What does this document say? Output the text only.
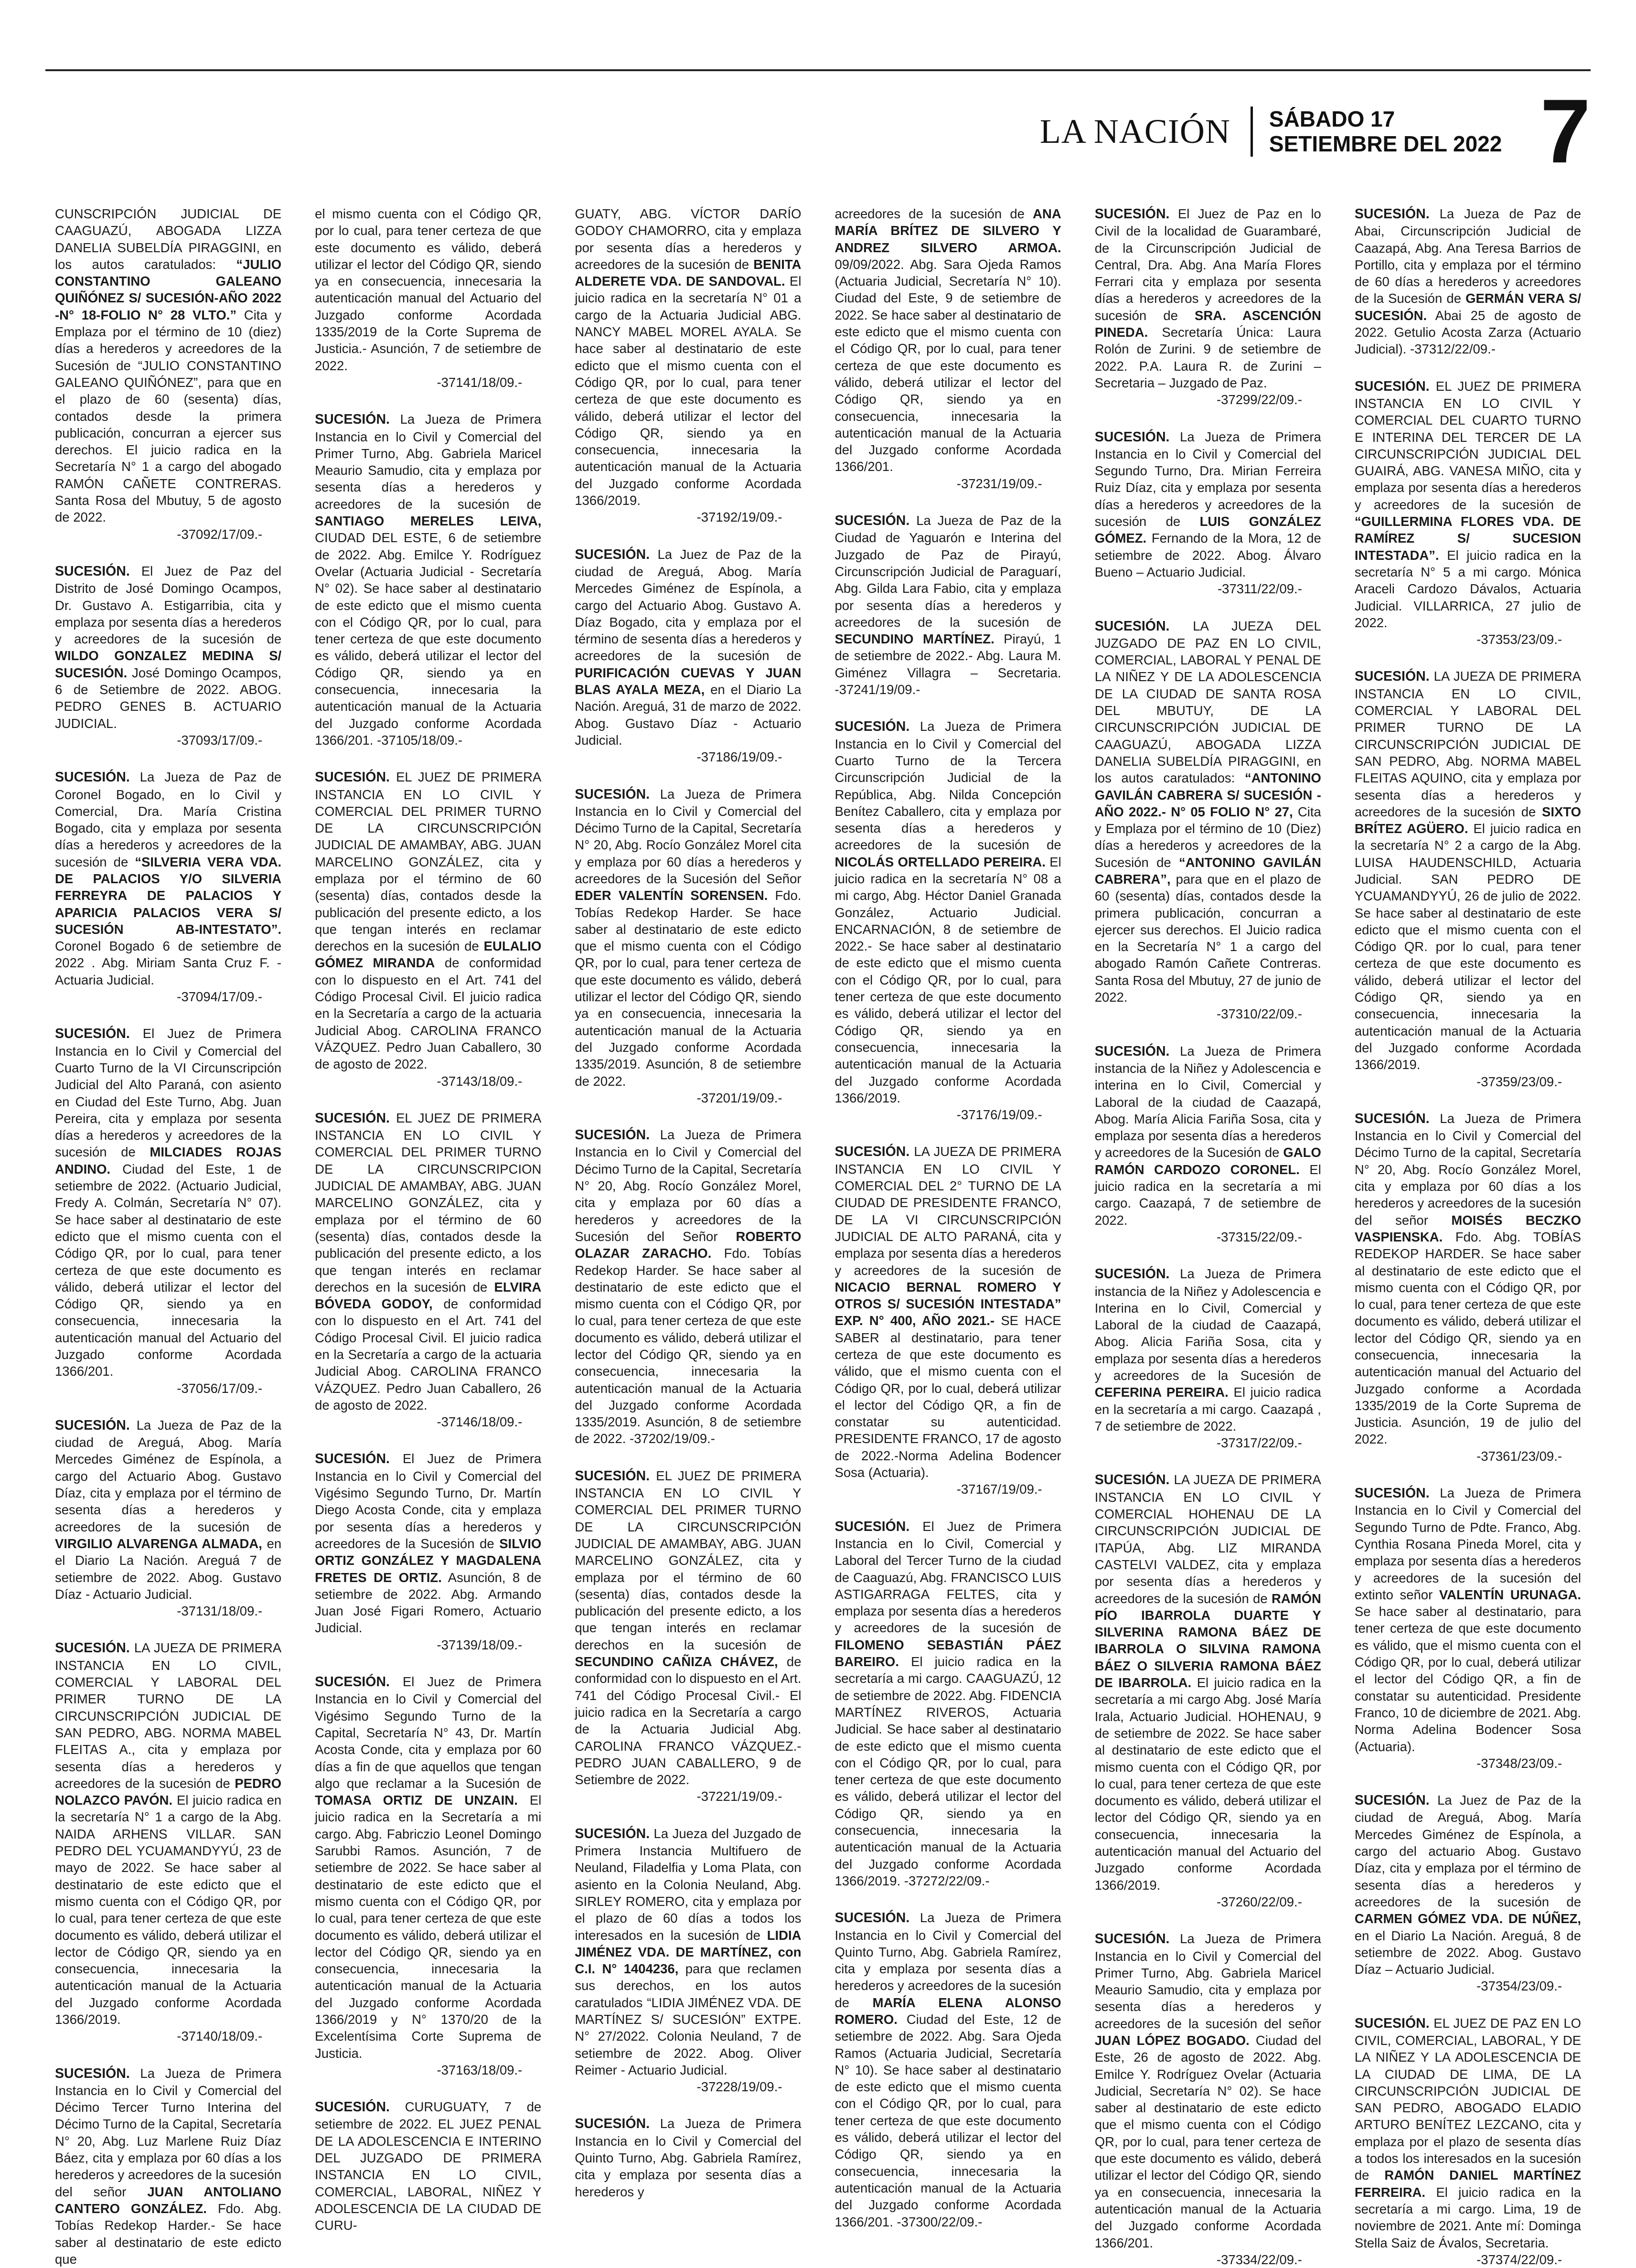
LA NACIÓN SÁBADO 17
SETIEMBRE DEL 2022 7
CUNSCRIPCIÓN JUDICIAL DE CAAGUAZÚ, ABOGADA LIZZA DANELIA SUBELDÍA PIRAGGINI, en los autos caratulados: “JULIO CONSTANTINO GALEANO QUIÑÓNEZ S/ SUCESIÓN-AÑO 2022 -N° 18-FOLIO N° 28 VLTO.” Cita y Emplaza por el término de 10 (diez) días a herederos y acreedores de la Sucesión de “JULIO CONSTANTINO GALEANO QUIÑÓNEZ”, para que en el plazo de 60 (sesenta) días, contados desde la primera publicación, concurran a ejercer sus derechos. El juicio radica en la Secretaría N° 1 a cargo del abogado RAMÓN CAÑETE CONTRERAS. Santa Rosa del Mbutuy, 5 de agosto de 2022.
-37092/17/09.-
SUCESIÓN. El Juez de Paz del Distrito de José Domingo Ocampos, Dr. Gustavo A. Estigarribia, cita y emplaza por sesenta días a herederos y acreedores de la sucesión de WILDO GONZALEZ MEDINA S/ SUCESIÓN. José Domingo Ocampos, 6 de Setiembre de 2022. ABOG. PEDRO GENES B. ACTUARIO JUDICIAL.
-37093/17/09.-
SUCESIÓN. La Jueza de Paz de Coronel Bogado, en lo Civil y Comercial, Dra. María Cristina Bogado, cita y emplaza por sesenta días a herederos y acreedores de la sucesión de “SILVERIA VERA VDA. DE PALACIOS Y/O SILVERIA FERREYRA DE PALACIOS Y APARICIA PALACIOS VERA S/ SUCESIÓN AB-INTESTATO”. Coronel Bogado 6 de setiembre de 2022 . Abg. Miriam Santa Cruz F. - Actuaria Judicial.
-37094/17/09.-
SUCESIÓN. El Juez de Primera Instancia en lo Civil y Comercial del Cuarto Turno de la VI Circunscripción Judicial del Alto Paraná, con asiento en Ciudad del Este Turno, Abg. Juan Pereira, cita y emplaza por sesenta días a herederos y acreedores de la sucesión de MILCIADES ROJAS ANDINO. Ciudad del Este, 1 de setiembre de 2022. (Actuario Judicial, Fredy A. Colmán, Secretaría N° 07). Se hace saber al destinatario de este edicto que el mismo cuenta con el Código QR, por lo cual, para tener certeza de que este documento es válido, deberá utilizar el lector del Código QR, siendo ya en consecuencia, innecesaria la autenticación manual del Actuario del Juzgado conforme Acordada 1366/201.
-37056/17/09.-
SUCESIÓN. La Jueza de Paz de la ciudad de Areguá, Abog. María Mercedes Giménez de Espínola, a cargo del Actuario Abog. Gustavo Díaz, cita y emplaza por el término de sesenta días a herederos y acreedores de la sucesión de VIRGILIO ALVARENGA ALMADA, en el Diario La Nación. Areguá 7 de setiembre de 2022. Abog. Gustavo Díaz - Actuario Judicial.
-37131/18/09.-
SUCESIÓN. LA JUEZA DE PRIMERA INSTANCIA EN LO CIVIL, COMERCIAL Y LABORAL DEL PRIMER TURNO DE LA CIRCUNSCRIPCIÓN JUDICIAL DE SAN PEDRO, ABG. NORMA MABEL FLEITAS A., cita y emplaza por sesenta días a herederos y acreedores de la sucesión de PEDRO NOLAZCO PAVÓN. El juicio radica en la secretaría N° 1 a cargo de la Abg. NAIDA ARHENS VILLAR. SAN PEDRO DEL YCUAMANDYYÚ, 23 de mayo de 2022. Se hace saber al destinatario de este edicto que el mismo cuenta con el Código QR, por lo cual, para tener certeza de que este documento es válido, deberá utilizar el lector de Código QR, siendo ya en consecuencia, innecesaria la autenticación manual de la Actuaria del Juzgado conforme Acordada 1366/2019.
-37140/18/09.-
SUCESIÓN. La Jueza de Primera Instancia en lo Civil y Comercial del Décimo Tercer Turno Interina del Décimo Turno de la Capital, Secretaría N° 20, Abg. Luz Marlene Ruiz Díaz Báez, cita y emplaza por 60 días a los herederos y acreedores de la sucesión del señor JUAN ANTOLIANO CANTERO GONZÁLEZ. Fdo. Abg. Tobías Redekop Harder.- Se hace saber al destinatario de este edicto que
el mismo cuenta con el Código QR, por lo cual, para tener certeza de que este documento es válido, deberá utilizar el lector del Código QR, siendo ya en consecuencia, innecesaria la autenticación manual del Actuario del Juzgado conforme Acordada 1335/2019 de la Corte Suprema de Justicia.- Asunción, 7 de setiembre de 2022.
-37141/18/09.-
SUCESIÓN. La Jueza de Primera Instancia en lo Civil y Comercial del Primer Turno, Abg. Gabriela Maricel Meaurio Samudio, cita y emplaza por sesenta días a herederos y acreedores de la sucesión de SANTIAGO MERELES LEIVA, CIUDAD DEL ESTE, 6 de setiembre de 2022. Abg. Emilce Y. Rodríguez Ovelar (Actuaria Judicial - Secretaría N° 02). Se hace saber al destinatario de este edicto que el mismo cuenta con el Código QR, por lo cual, para tener certeza de que este documento es válido, deberá utilizar el lector del Código QR, siendo ya en consecuencia, innecesaria la autenticación manual de la Actuaria del Juzgado conforme Acordada 1366/201. -37105/18/09.-
SUCESIÓN. EL JUEZ DE PRIMERA INSTANCIA EN LO CIVIL Y COMERCIAL DEL PRIMER TURNO DE LA CIRCUNSCRIPCIÓN JUDICIAL DE AMAMBAY, ABG. JUAN MARCELINO GONZÁLEZ, cita y emplaza por el término de 60 (sesenta) días, contados desde la publicación del presente edicto, a los que tengan interés en reclamar derechos en la sucesión de EULALIO GÓMEZ MIRANDA de conformidad con lo dispuesto en el Art. 741 del Código Procesal Civil. El juicio radica en la Secretaría a cargo de la actuaria Judicial Abog. CAROLINA FRANCO VÁZQUEZ. Pedro Juan Caballero, 30 de agosto de 2022.
-37143/18/09.-
SUCESIÓN. EL JUEZ DE PRIMERA INSTANCIA EN LO CIVIL Y COMERCIAL DEL PRIMER TURNO DE LA CIRCUNSCRIPCION JUDICIAL DE AMAMBAY, ABG. JUAN MARCELINO GONZÁLEZ, cita y emplaza por el término de 60 (sesenta) días, contados desde la publicación del presente edicto, a los que tengan interés en reclamar derechos en la sucesión de ELVIRA BÓVEDA GODOY, de conformidad con lo dispuesto en el Art. 741 del Código Procesal Civil. El juicio radica en la Secretaría a cargo de la actuaria Judicial Abog. CAROLINA FRANCO VÁZQUEZ. Pedro Juan Caballero, 26 de agosto de 2022.
-37146/18/09.-
SUCESIÓN. El Juez de Primera Instancia en lo Civil y Comercial del Vigésimo Segundo Turno, Dr. Martín Diego Acosta Conde, cita y emplaza por sesenta días a herederos y acreedores de la Sucesión de SILVIO ORTIZ GONZÁLEZ Y MAGDALENA FRETES DE ORTIZ. Asunción, 8 de setiembre de 2022. Abg. Armando Juan José Figari Romero, Actuario Judicial.
-37139/18/09.-
SUCESIÓN. El Juez de Primera Instancia en lo Civil y Comercial del Vigésimo Segundo Turno de la Capital, Secretaría N° 43, Dr. Martín Acosta Conde, cita y emplaza por 60 días a fin de que aquellos que tengan algo que reclamar a la Sucesión de TOMASA ORTIZ DE UNZAIN. El juicio radica en la Secretaría a mi cargo. Abg. Fabriczio Leonel Domingo Sarubbi Ramos. Asunción, 7 de setiembre de 2022. Se hace saber al destinatario de este edicto que el mismo cuenta con el Código QR, por lo cual, para tener certeza de que este documento es válido, deberá utilizar el lector del Código QR, siendo ya en consecuencia, innecesaria la autenticación manual de la Actuaria del Juzgado conforme Acordada 1366/2019 y N° 1370/20 de la Excelentísima Corte Suprema de Justicia.
-37163/18/09.-
SUCESIÓN. CURUGUATY, 7 de setiembre de 2022. EL JUEZ PENAL DE LA ADOLESCENCIA E INTERINO DEL JUZGADO DE PRIMERA INSTANCIA EN LO CIVIL, COMERCIAL, LABORAL, NIÑEZ Y ADOLESCENCIA DE LA CIUDAD DE CURU-
GUATY, ABG. VÍCTOR DARÍO GODOY CHAMORRO, cita y emplaza por sesenta días a herederos y acreedores de la sucesión de BENITA ALDERETE VDA. DE SANDOVAL. El juicio radica en la secretaría N° 01 a cargo de la Actuaria Judicial ABG. NANCY MABEL MOREL AYALA. Se hace saber al destinatario de este edicto que el mismo cuenta con el Código QR, por lo cual, para tener certeza de que este documento es válido, deberá utilizar el lector del Código QR, siendo ya en consecuencia, innecesaria la autenticación manual de la Actuaria del Juzgado conforme Acordada 1366/2019.
-37192/19/09.-
SUCESIÓN. La Juez de Paz de la ciudad de Areguá, Abog. María Mercedes Giménez de Espínola, a cargo del Actuario Abog. Gustavo A. Díaz Bogado, cita y emplaza por el término de sesenta días a herederos y acreedores de la sucesión de PURIFICACIÓN CUEVAS Y JUAN BLAS AYALA MEZA, en el Diario La Nación. Areguá, 31 de marzo de 2022. Abog. Gustavo Díaz - Actuario Judicial.
-37186/19/09.-
SUCESIÓN. La Jueza de Primera Instancia en lo Civil y Comercial del Décimo Turno de la Capital, Secretaría N° 20, Abg. Rocío González Morel cita y emplaza por 60 días a herederos y acreedores de la Sucesión del Señor EDER VALENTÍN SORENSEN. Fdo. Tobías Redekop Harder. Se hace saber al destinatario de este edicto que el mismo cuenta con el Código QR, por lo cual, para tener certeza de que este documento es válido, deberá utilizar el lector del Código QR, siendo ya en consecuencia, innecesaria la autenticación manual de la Actuaria del Juzgado conforme Acordada 1335/2019. Asunción, 8 de setiembre de 2022.
-37201/19/09.-
SUCESIÓN. La Jueza de Primera Instancia en lo Civil y Comercial del Décimo Turno de la Capital, Secretaría N° 20, Abg. Rocío González Morel, cita y emplaza por 60 días a herederos y acreedores de la Sucesión del Señor ROBERTO OLAZAR ZARACHO. Fdo. Tobías Redekop Harder. Se hace saber al destinatario de este edicto que el mismo cuenta con el Código QR, por lo cual, para tener certeza de que este documento es válido, deberá utilizar el lector del Código QR, siendo ya en consecuencia, innecesaria la autenticación manual de la Actuaria del Juzgado conforme Acordada 1335/2019. Asunción, 8 de setiembre de 2022. -37202/19/09.-
SUCESIÓN. EL JUEZ DE PRIMERA INSTANCIA EN LO CIVIL Y COMERCIAL DEL PRIMER TURNO DE LA CIRCUNSCRIPCIÓN JUDICIAL DE AMAMBAY, ABG. JUAN MARCELINO GONZÁLEZ, cita y emplaza por el término de 60 (sesenta) días, contados desde la publicación del presente edicto, a los que tengan interés en reclamar derechos en la sucesión de SECUNDINO CAÑIZA CHÁVEZ, de conformidad con lo dispuesto en el Art. 741 del Código Procesal Civil.- El juicio radica en la Secretaría a cargo de la Actuaria Judicial Abg. CAROLINA FRANCO VÁZQUEZ.- PEDRO JUAN CABALLERO, 9 de Setiembre de 2022.
-37221/19/09.-
SUCESIÓN. La Jueza del Juzgado de Primera Instancia Multifuero de Neuland, Filadelfia y Loma Plata, con asiento en la Colonia Neuland, Abg. SIRLEY ROMERO, cita y emplaza por el plazo de 60 días a todos los interesados en la sucesión de LIDIA JIMÉNEZ VDA. DE MARTÍNEZ, con C.I. N° 1404236, para que reclamen sus derechos, en los autos caratulados “LIDIA JIMÉNEZ VDA. DE MARTÍNEZ S/ SUCESIÓN” EXTPE. N° 27/2022. Colonia Neuland, 7 de setiembre de 2022. Abog. Oliver Reimer - Actuario Judicial.
-37228/19/09.-
SUCESIÓN. La Jueza de Primera Instancia en lo Civil y Comercial del Quinto Turno, Abg. Gabriela Ramírez, cita y emplaza por sesenta días a herederos y
acreedores de la sucesión de ANA MARÍA BRÍTEZ DE SILVERO Y ANDREZ SILVERO ARMOA. 09/09/2022. Abg. Sara Ojeda Ramos (Actuaria Judicial, Secretaría N° 10). Ciudad del Este, 9 de setiembre de 2022. Se hace saber al destinatario de este edicto que el mismo cuenta con el Código QR, por lo cual, para tener certeza de que este documento es válido, deberá utilizar el lector del Código QR, siendo ya en consecuencia, innecesaria la autenticación manual de la Actuaria del Juzgado conforme Acordada 1366/201.
-37231/19/09.-
SUCESIÓN. La Jueza de Paz de la Ciudad de Yaguarón e Interina del Juzgado de Paz de Pirayú, Circunscripción Judicial de Paraguarí, Abg. Gilda Lara Fabio, cita y emplaza por sesenta días a herederos y acreedores de la sucesión de SECUNDINO MARTÍNEZ. Pirayú, 1 de setiembre de 2022.- Abg. Laura M. Giménez Villagra – Secretaria. -37241/19/09.-
SUCESIÓN. La Jueza de Primera Instancia en lo Civil y Comercial del Cuarto Turno de la Tercera Circunscripción Judicial de la República, Abg. Nilda Concepción Benítez Caballero, cita y emplaza por sesenta días a herederos y acreedores de la sucesión de NICOLÁS ORTELLADO PEREIRA. El juicio radica en la secretaría N° 08 a mi cargo, Abg. Héctor Daniel Granada González, Actuario Judicial. ENCARNACIÓN, 8 de setiembre de 2022.- Se hace saber al destinatario de este edicto que el mismo cuenta con el Código QR, por lo cual, para tener certeza de que este documento es válido, deberá utilizar el lector del Código QR, siendo ya en consecuencia, innecesaria la autenticación manual de la Actuaria del Juzgado conforme Acordada 1366/2019.
-37176/19/09.-
SUCESIÓN. LA JUEZA DE PRIMERA INSTANCIA EN LO CIVIL Y COMERCIAL DEL 2° TURNO DE LA CIUDAD DE PRESIDENTE FRANCO, DE LA VI CIRCUNSCRIPCIÓN JUDICIAL DE ALTO PARANÁ, cita y emplaza por sesenta días a herederos y acreedores de la sucesión de NICACIO BERNAL ROMERO Y OTROS S/ SUCESIÓN INTESTADA” EXP. N° 400, AÑO 2021.- SE HACE SABER al destinatario, para tener certeza de que este documento es válido, que el mismo cuenta con el Código QR, por lo cual, deberá utilizar el lector del Código QR, a fin de constatar su autenticidad. PRESIDENTE FRANCO, 17 de agosto de 2022.-Norma Adelina Bodencer Sosa (Actuaria).
-37167/19/09.-
SUCESIÓN. El Juez de Primera Instancia en lo Civil, Comercial y Laboral del Tercer Turno de la ciudad de Caaguazú, Abg. FRANCISCO LUIS ASTIGARRAGA FELTES, cita y emplaza por sesenta días a herederos y acreedores de la sucesión de FILOMENO SEBASTIÁN PÁEZ BAREIRO. El juicio radica en la secretaría a mi cargo. CAAGUAZÚ, 12 de setiembre de 2022. Abg. FIDENCIA MARTÍNEZ RIVEROS, Actuaria Judicial. Se hace saber al destinatario de este edicto que el mismo cuenta con el Código QR, por lo cual, para tener certeza de que este documento es válido, deberá utilizar el lector del Código QR, siendo ya en consecuencia, innecesaria la autenticación manual de la Actuaria del Juzgado conforme Acordada 1366/2019. -37272/22/09.-
SUCESIÓN. La Jueza de Primera Instancia en lo Civil y Comercial del Quinto Turno, Abg. Gabriela Ramírez, cita y emplaza por sesenta días a herederos y acreedores de la sucesión de MARÍA ELENA ALONSO ROMERO. Ciudad del Este, 12 de setiembre de 2022. Abg. Sara Ojeda Ramos (Actuaria Judicial, Secretaría N° 10). Se hace saber al destinatario de este edicto que el mismo cuenta con el Código QR, por lo cual, para tener certeza de que este documento es válido, deberá utilizar el lector del Código QR, siendo ya en consecuencia, innecesaria la autenticación manual de la Actuaria del Juzgado conforme Acordada 1366/201. -37300/22/09.-
SUCESIÓN. El Juez de Paz en lo Civil de la localidad de Guarambaré, de la Circunscripción Judicial de Central, Dra. Abg. Ana María Flores Ferrari cita y emplaza por sesenta días a herederos y acreedores de la sucesión de SRA. ASCENCIÓN PINEDA. Secretaría Única: Laura Rolón de Zurini. 9 de setiembre de 2022. P.A. Laura R. de Zurini – Secretaria – Juzgado de Paz.
-37299/22/09.-
SUCESIÓN. La Jueza de Primera Instancia en lo Civil y Comercial del Segundo Turno, Dra. Mirian Ferreira Ruiz Díaz, cita y emplaza por sesenta días a herederos y acreedores de la sucesión de LUIS GONZÁLEZ GÓMEZ. Fernando de la Mora, 12 de setiembre de 2022. Abog. Álvaro Bueno – Actuario Judicial.
-37311/22/09.-
SUCESIÓN. LA JUEZA DEL JUZGADO DE PAZ EN LO CIVIL, COMERCIAL, LABORAL Y PENAL DE LA NIÑEZ Y DE LA ADOLESCENCIA DE LA CIUDAD DE SANTA ROSA DEL MBUTUY, DE LA CIRCUNSCRIPCIÓN JUDICIAL DE CAAGUAZÚ, ABOGADA LIZZA DANELIA SUBELDÍA PIRAGGINI, en los autos caratulados: “ANTONINO GAVILÁN CABRERA S/ SUCESIÓN - AÑO 2022.- N° 05 FOLIO N° 27, Cita y Emplaza por el término de 10 (Diez) días a herederos y acreedores de la Sucesión de “ANTONINO GAVILÁN CABRERA”, para que en el plazo de 60 (sesenta) días, contados desde la primera publicación, concurran a ejercer sus derechos. El Juicio radica en la Secretaría N° 1 a cargo del abogado Ramón Cañete Contreras. Santa Rosa del Mbutuy, 27 de junio de 2022.
-37310/22/09.-
SUCESIÓN. La Jueza de Primera instancia de la Niñez y Adolescencia e interina en lo Civil, Comercial y Laboral de la ciudad de Caazapá, Abog. María Alicia Fariña Sosa, cita y emplaza por sesenta días a herederos y acreedores de la Sucesión de GALO RAMÓN CARDOZO CORONEL. El juicio radica en la secretaría a mi cargo. Caazapá, 7 de setiembre de 2022.
-37315/22/09.-
SUCESIÓN. La Jueza de Primera instancia de la Niñez y Adolescencia e Interina en lo Civil, Comercial y Laboral de la ciudad de Caazapá, Abog. Alicia Fariña Sosa, cita y emplaza por sesenta días a herederos y acreedores de la Sucesión de CEFERINA PEREIRA. El juicio radica en la secretaría a mi cargo. Caazapá , 7 de setiembre de 2022.
-37317/22/09.-
SUCESIÓN. LA JUEZA DE PRIMERA INSTANCIA EN LO CIVIL Y COMERCIAL HOHENAU DE LA CIRCUNSCRIPCIÓN JUDICIAL DE ITAPÚA, Abg. LIZ MIRANDA CASTELVI VALDEZ, cita y emplaza por sesenta días a herederos y acreedores de la sucesión de RAMÓN PÍO IBARROLA DUARTE Y SILVERINA RAMONA BÁEZ DE IBARROLA O SILVINA RAMONA BÁEZ O SILVERIA RAMONA BÁEZ DE IBARROLA. El juicio radica en la secretaría a mi cargo Abg. José María Irala, Actuario Judicial. HOHENAU, 9 de setiembre de 2022. Se hace saber al destinatario de este edicto que el mismo cuenta con el Código QR, por lo cual, para tener certeza de que este documento es válido, deberá utilizar el lector del Código QR, siendo ya en consecuencia, innecesaria la autenticación manual del Actuario del Juzgado conforme Acordada 1366/2019.
-37260/22/09.-
SUCESIÓN. La Jueza de Primera Instancia en lo Civil y Comercial del Primer Turno, Abg. Gabriela Maricel Meaurio Samudio, cita y emplaza por sesenta días a herederos y acreedores de la sucesión del señor JUAN LÓPEZ BOGADO. Ciudad del Este, 26 de agosto de 2022. Abg. Emilce Y. Rodríguez Ovelar (Actuaria Judicial, Secretaría N° 02). Se hace saber al destinatario de este edicto que el mismo cuenta con el Código QR, por lo cual, para tener certeza de que este documento es válido, deberá utilizar el lector del Código QR, siendo ya en consecuencia, innecesaria la autenticación manual de la Actuaria del Juzgado conforme Acordada 1366/201.
-37334/22/09.-
SUCESIÓN. La Jueza de Paz de Abai, Circunscripción Judicial de Caazapá, Abg. Ana Teresa Barrios de Portillo, cita y emplaza por el término de 60 días a herederos y acreedores de la Sucesión de GERMÁN VERA S/ SUCESIÓN. Abai 25 de agosto de 2022. Getulio Acosta Zarza (Actuario Judicial). -37312/22/09.-
SUCESIÓN. EL JUEZ DE PRIMERA INSTANCIA EN LO CIVIL Y COMERCIAL DEL CUARTO TURNO E INTERINA DEL TERCER DE LA CIRCUNSCRIPCIÓN JUDICIAL DEL GUAIRÁ, ABG. VANESA MIÑO, cita y emplaza por sesenta días a herederos y acreedores de la sucesión de “GUILLERMINA FLORES VDA. DE RAMÍREZ S/ SUCESION INTESTADA”. El juicio radica en la secretaría N° 5 a mi cargo. Mónica Araceli Cardozo Dávalos, Actuaria Judicial. VILLARRICA, 27 julio de 2022.
-37353/23/09.-
SUCESIÓN. LA JUEZA DE PRIMERA INSTANCIA EN LO CIVIL, COMERCIAL Y LABORAL DEL PRIMER TURNO DE LA CIRCUNSCRIPCIÓN JUDICIAL DE SAN PEDRO, Abg. NORMA MABEL FLEITAS AQUINO, cita y emplaza por sesenta días a herederos y acreedores de la sucesión de SIXTO BRÍTEZ AGÜERO. El juicio radica en la secretaría N° 2 a cargo de la Abg. LUISA HAUDENSCHILD, Actuaria Judicial. SAN PEDRO DE YCUAMANDYYÚ, 26 de julio de 2022. Se hace saber al destinatario de este edicto que el mismo cuenta con el Código QR. por lo cual, para tener certeza de que este documento es válido, deberá utilizar el lector del Código QR, siendo ya en consecuencia, innecesaria la autenticación manual de la Actuaria del Juzgado conforme Acordada 1366/2019.
-37359/23/09.-
SUCESIÓN. La Jueza de Primera Instancia en lo Civil y Comercial del Décimo Turno de la capital, Secretaría N° 20, Abg. Rocío González Morel, cita y emplaza por 60 días a los herederos y acreedores de la sucesión del señor MOISÉS BECZKO VASPIENSKA. Fdo. Abg. TOBÍAS REDEKOP HARDER. Se hace saber al destinatario de este edicto que el mismo cuenta con el Código QR, por lo cual, para tener certeza de que este documento es válido, deberá utilizar el lector del Código QR, siendo ya en consecuencia, innecesaria la autenticación manual del Actuario del Juzgado conforme a Acordada 1335/2019 de la Corte Suprema de Justicia. Asunción, 19 de julio del 2022.
-37361/23/09.-
SUCESIÓN. La Jueza de Primera Instancia en lo Civil y Comercial del Segundo Turno de Pdte. Franco, Abg. Cynthia Rosana Pineda Morel, cita y emplaza por sesenta días a herederos y acreedores de la sucesión del extinto señor VALENTÍN URUNAGA. Se hace saber al destinatario, para tener certeza de que este documento es válido, que el mismo cuenta con el Código QR, por lo cual, deberá utilizar el lector del Código QR, a fin de constatar su autenticidad. Presidente Franco, 10 de diciembre de 2021. Abg. Norma Adelina Bodencer Sosa (Actuaria).
-37348/23/09.-
SUCESIÓN. La Juez de Paz de la ciudad de Areguá, Abog. María Mercedes Giménez de Espínola, a cargo del actuario Abog. Gustavo Díaz, cita y emplaza por el término de sesenta días a herederos y acreedores de la sucesión de CARMEN GÓMEZ VDA. DE NÚÑEZ, en el Diario La Nación. Areguá, 8 de setiembre de 2022. Abog. Gustavo Díaz – Actuario Judicial.
-37354/23/09.-
SUCESIÓN. EL JUEZ DE PAZ EN LO CIVIL, COMERCIAL, LABORAL, Y DE LA NIÑEZ Y LA ADOLESCENCIA DE LA CIUDAD DE LIMA, DE LA CIRCUNSCRIPCIÓN JUDICIAL DE SAN PEDRO, ABOGADO ELADIO ARTURO BENÍTEZ LEZCANO, cita y emplaza por el plazo de sesenta días a todos los interesados en la sucesión de RAMÓN DANIEL MARTÍNEZ FERREIRA. El juicio radica en la secretaría a mi cargo. Lima, 19 de noviembre de 2021. Ante mí: Dominga Stella Saiz de Ávalos, Secretaria.
-37374/22/09.-
